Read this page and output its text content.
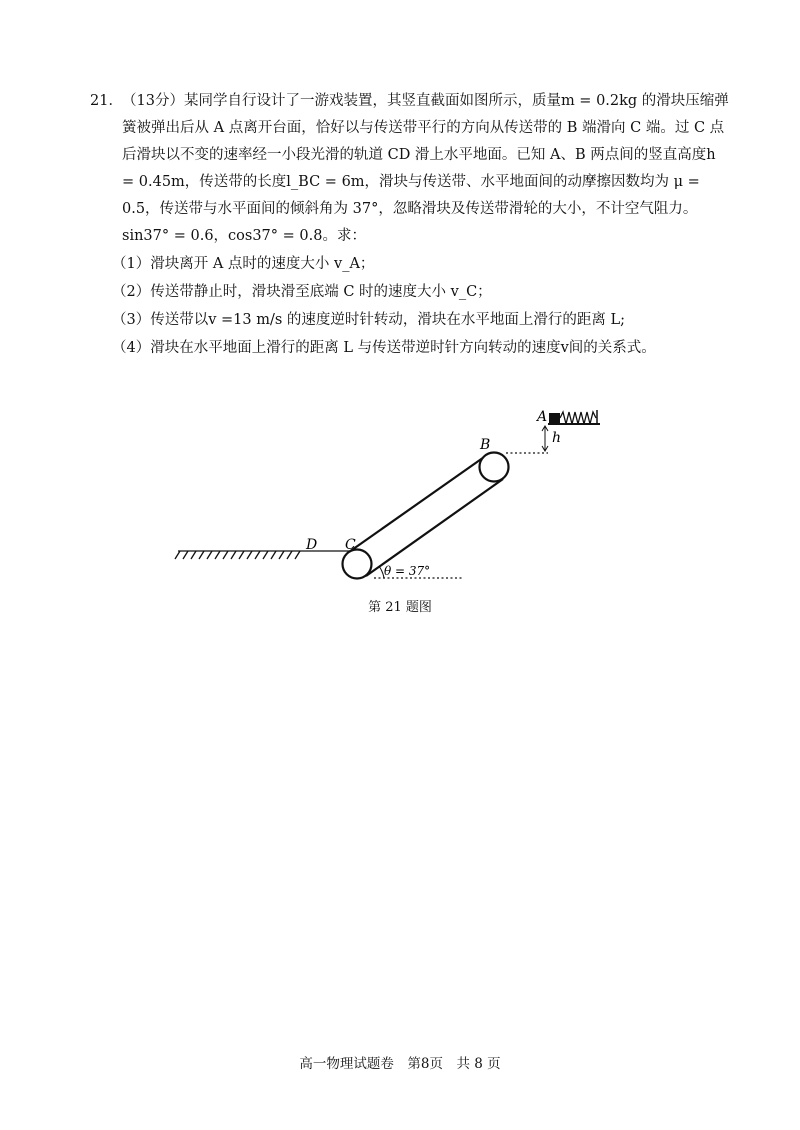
21．（13分）某同学自行设计了一游戏装置，其竖直截面如图所示，质量m = 0.2kg 的滑块压缩弹簧被弹出后从 A 点离开台面，恰好以与传送带平行的方向从传送带的 B 端滑向 C 端。过 C 点后滑块以不变的速率经一小段光滑的轨道 CD 滑上水平地面。已知 A、B 两点间的竖直高度h = 0.45m，传送带的长度l_BC = 6m，滑块与传送带、水平地面间的动摩擦因数均为 μ = 0.5，传送带与水平面间的倾斜角为 37°，忽略滑块及传送带滑轮的大小，不计空气阻力。sin37° = 0.6，cos37° = 0.8。求：

（1）滑块离开 A 点时的速度大小 v_A；

（2）传送带静止时，滑块滑至底端 C 时的速度大小 v_C；

（3）传送带以v =13 m/s 的速度逆时针转动，滑块在水平地面上滑行的距离 L;

（4）滑块在水平地面上滑行的距离 L 与传送带逆时针方向转动的速度v间的关系式。

A
h
B
C
D
θ = 37°
第 21 题图
高一物理试题卷　第8页　共 8 页
